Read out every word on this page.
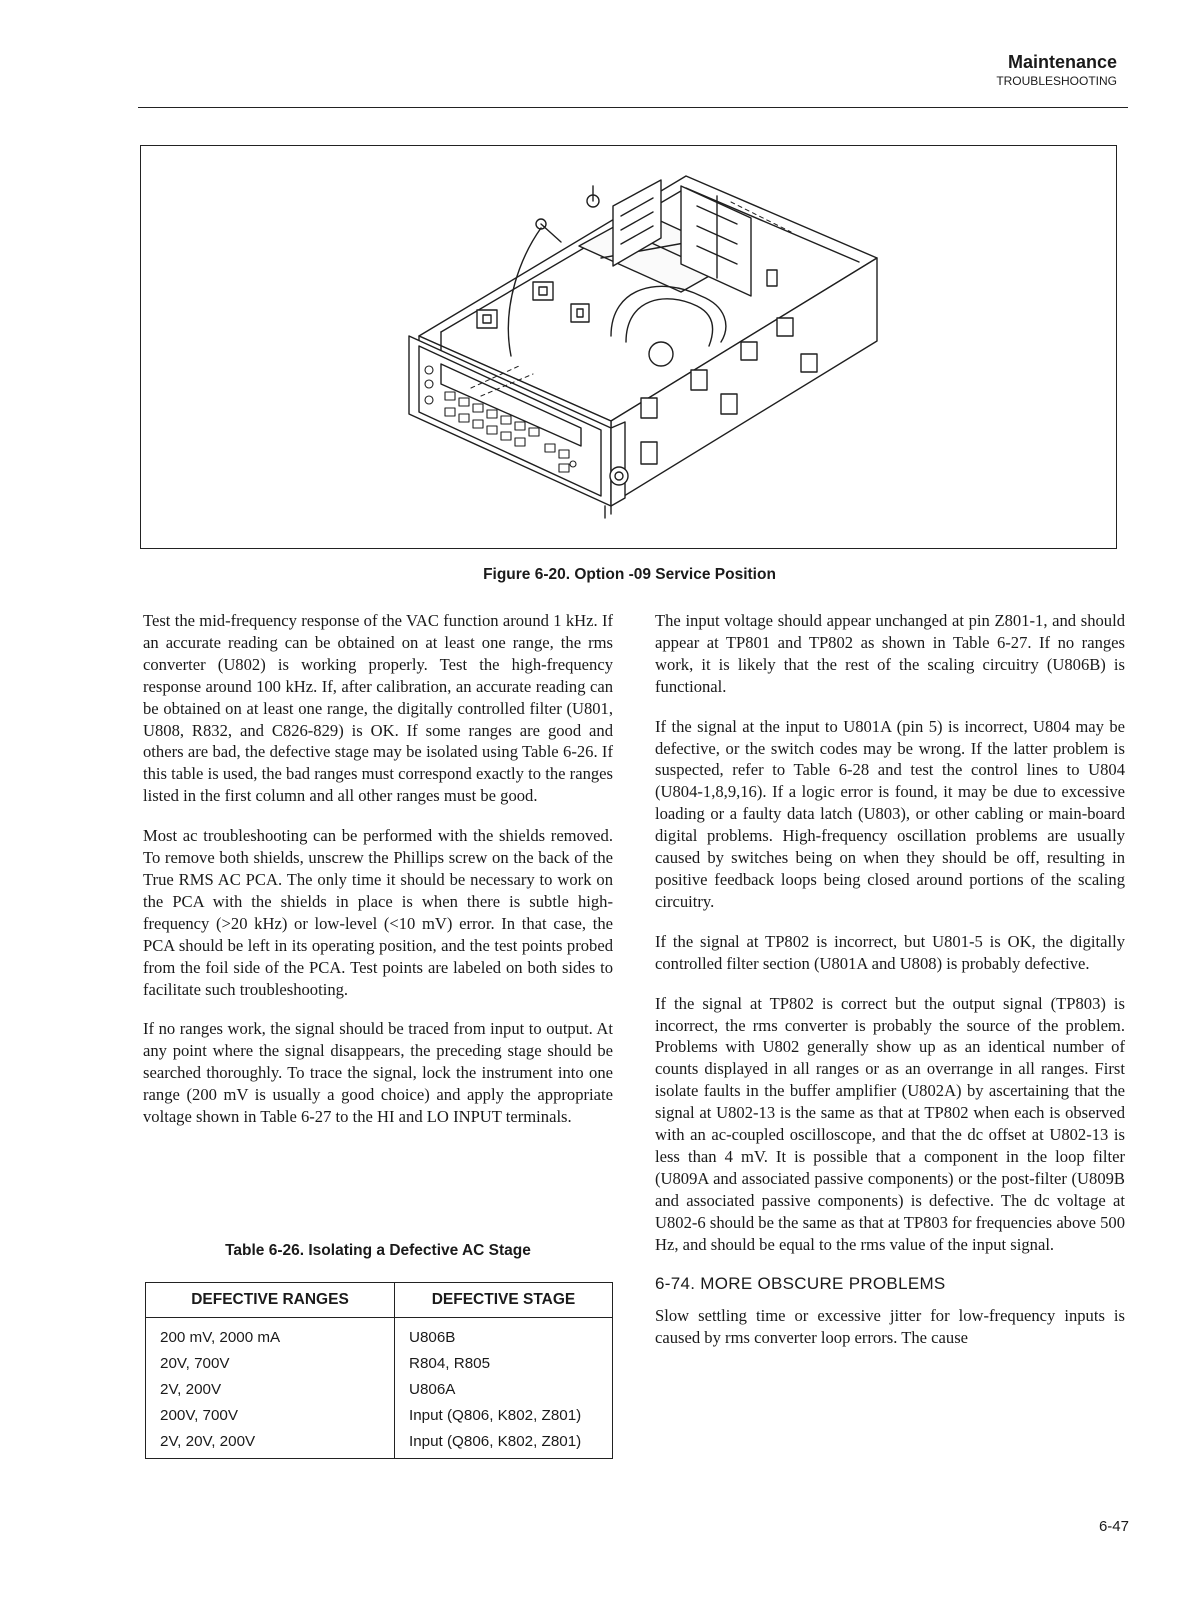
Maintenance
TROUBLESHOOTING
Figure 6-20. Option -09 Service Position

Test the mid-frequency response of the VAC function around 1 kHz. If an accurate reading can be obtained on at least one range, the rms converter (U802) is working properly. Test the high-frequency response around 100 kHz. If, after calibration, an accurate reading can be obtained on at least one range, the digitally controlled filter (U801, U808, R832, and C826-829) is OK. If some ranges are good and others are bad, the defective stage may be isolated using Table 6-26. If this table is used, the bad ranges must correspond exactly to the ranges listed in the first column and all other ranges must be good.

Most ac troubleshooting can be performed with the shields removed. To remove both shields, unscrew the Phillips screw on the back of the True RMS AC PCA. The only time it should be necessary to work on the PCA with the shields in place is when there is subtle high-frequency (>20 kHz) or low-level (<10 mV) error. In that case, the PCA should be left in its operating position, and the test points probed from the foil side of the PCA. Test points are labeled on both sides to facilitate such troubleshooting.

If no ranges work, the signal should be traced from input to output. At any point where the signal disappears, the preceding stage should be searched thoroughly. To trace the signal, lock the instrument into one range (200 mV is usually a good choice) and apply the appropriate voltage shown in Table 6-27 to the HI and LO INPUT terminals.

Table 6-26. Isolating a Defective AC Stage
DEFECTIVE RANGES	DEFECTIVE STAGE
200 mV, 2000 mA	U806B
20V, 700V	R804, R805
2V, 200V	U806A
200V, 700V	Input (Q806, K802, Z801)
2V, 20V, 200V	Input (Q806, K802, Z801)

The input voltage should appear unchanged at pin Z801-1, and should appear at TP801 and TP802 as shown in Table 6-27. If no ranges work, it is likely that the rest of the scaling circuitry (U806B) is functional.

If the signal at the input to U801A (pin 5) is incorrect, U804 may be defective, or the switch codes may be wrong. If the latter problem is suspected, refer to Table 6-28 and test the control lines to U804 (U804-1,8,9,16). If a logic error is found, it may be due to excessive loading or a faulty data latch (U803), or other cabling or main-board digital problems. High-frequency oscillation problems are usually caused by switches being on when they should be off, resulting in positive feedback loops being closed around portions of the scaling circuitry.

If the signal at TP802 is incorrect, but U801-5 is OK, the digitally controlled filter section (U801A and U808) is probably defective.

If the signal at TP802 is correct but the output signal (TP803) is incorrect, the rms converter is probably the source of the problem. Problems with U802 generally show up as an identical number of counts displayed in all ranges or as an overrange in all ranges. First isolate faults in the buffer amplifier (U802A) by ascertaining that the signal at U802-13 is the same as that at TP802 when each is observed with an ac-coupled oscilloscope, and that the dc offset at U802-13 is less than 4 mV. It is possible that a component in the loop filter (U809A and associated passive components) or the post-filter (U809B and associated passive components) is defective. The dc voltage at U802-6 should be the same as that at TP803 for frequencies above 500 Hz, and should be equal to the rms value of the input signal.

6-74. MORE OBSCURE PROBLEMS

Slow settling time or excessive jitter for low-frequency inputs is caused by rms converter loop errors. The cause

6-47
